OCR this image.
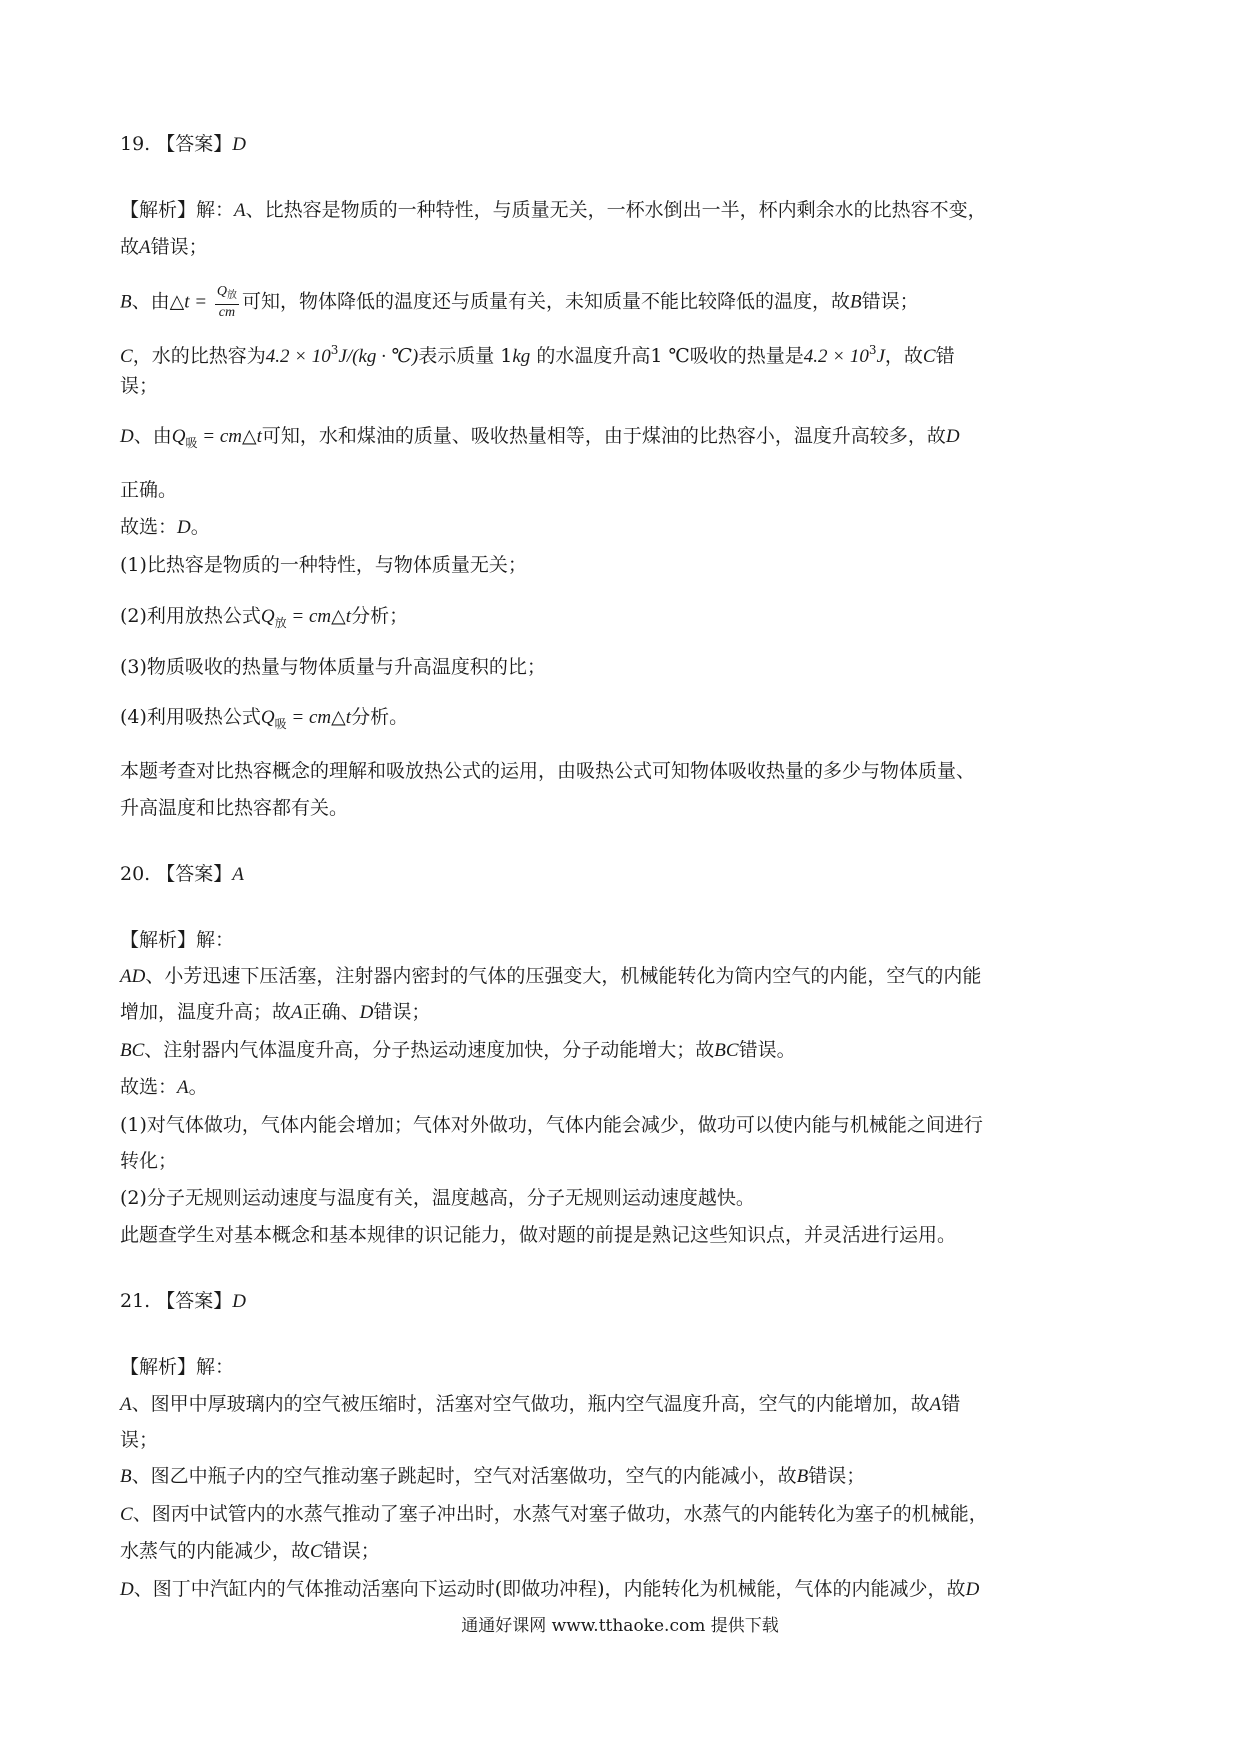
19. 【答案】D
【解析】解：A、比热容是物质的一种特性，与质量无关，一杯水倒出一半，杯内剩余水的比热容不变，
故A错误；
B、由△t = $\frac{Q_放}{cm}$ 可知，物体降低的温度还与质量有关，未知质量不能比较降低的温度，故B错误；
C，水的比热容为$4.2 \times 10^3J/(kg$ · ℃)表示质量 1kg 的水温度升高1 ℃吸收的热量是$4.2 \times 10^3J$，故C错
误；
D、由$Q_吸$ = cm△t可知，水和煤油的质量、吸收热量相等，由于煤油的比热容小，温度升高较多，故D
正确。
故选：D。
(1)比热容是物质的一种特性，与物体质量无关；
(2)利用放热公式$Q_放$ = cm△t分析；
(3)物质吸收的热量与物体质量与升高温度积的比；
(4)利用吸热公式$Q_吸$ = cm△t分析。
本题考查对比热容概念的理解和吸放热公式的运用，由吸热公式可知物体吸收热量的多少与物体质量、
升高温度和比热容都有关。
20. 【答案】A
【解析】解：
AD、小芳迅速下压活塞，注射器内密封的气体的压强变大，机械能转化为筒内空气的内能，空气的内能
增加，温度升高；故A正确、D错误；
BC、注射器内气体温度升高，分子热运动速度加快，分子动能增大；故BC错误。
故选：A。
(1)对气体做功，气体内能会增加；气体对外做功，气体内能会减少，做功可以使内能与机械能之间进行
转化；
(2)分子无规则运动速度与温度有关，温度越高，分子无规则运动速度越快。
此题查学生对基本概念和基本规律的识记能力，做对题的前提是熟记这些知识点，并灵活进行运用。
21. 【答案】D
【解析】解：
A、图甲中厚玻璃内的空气被压缩时，活塞对空气做功，瓶内空气温度升高，空气的内能增加，故A错
误；
B、图乙中瓶子内的空气推动塞子跳起时，空气对活塞做功，空气的内能减小，故B错误；
C、图丙中试管内的水蒸气推动了塞子冲出时，水蒸气对塞子做功，水蒸气的内能转化为塞子的机械能，
水蒸气的内能减少，故C错误；
D、图丁中汽缸内的气体推动活塞向下运动时(即做功冲程)，内能转化为机械能，气体的内能减少，故D
通通好课网 www.tthaoke.com 提供下载
